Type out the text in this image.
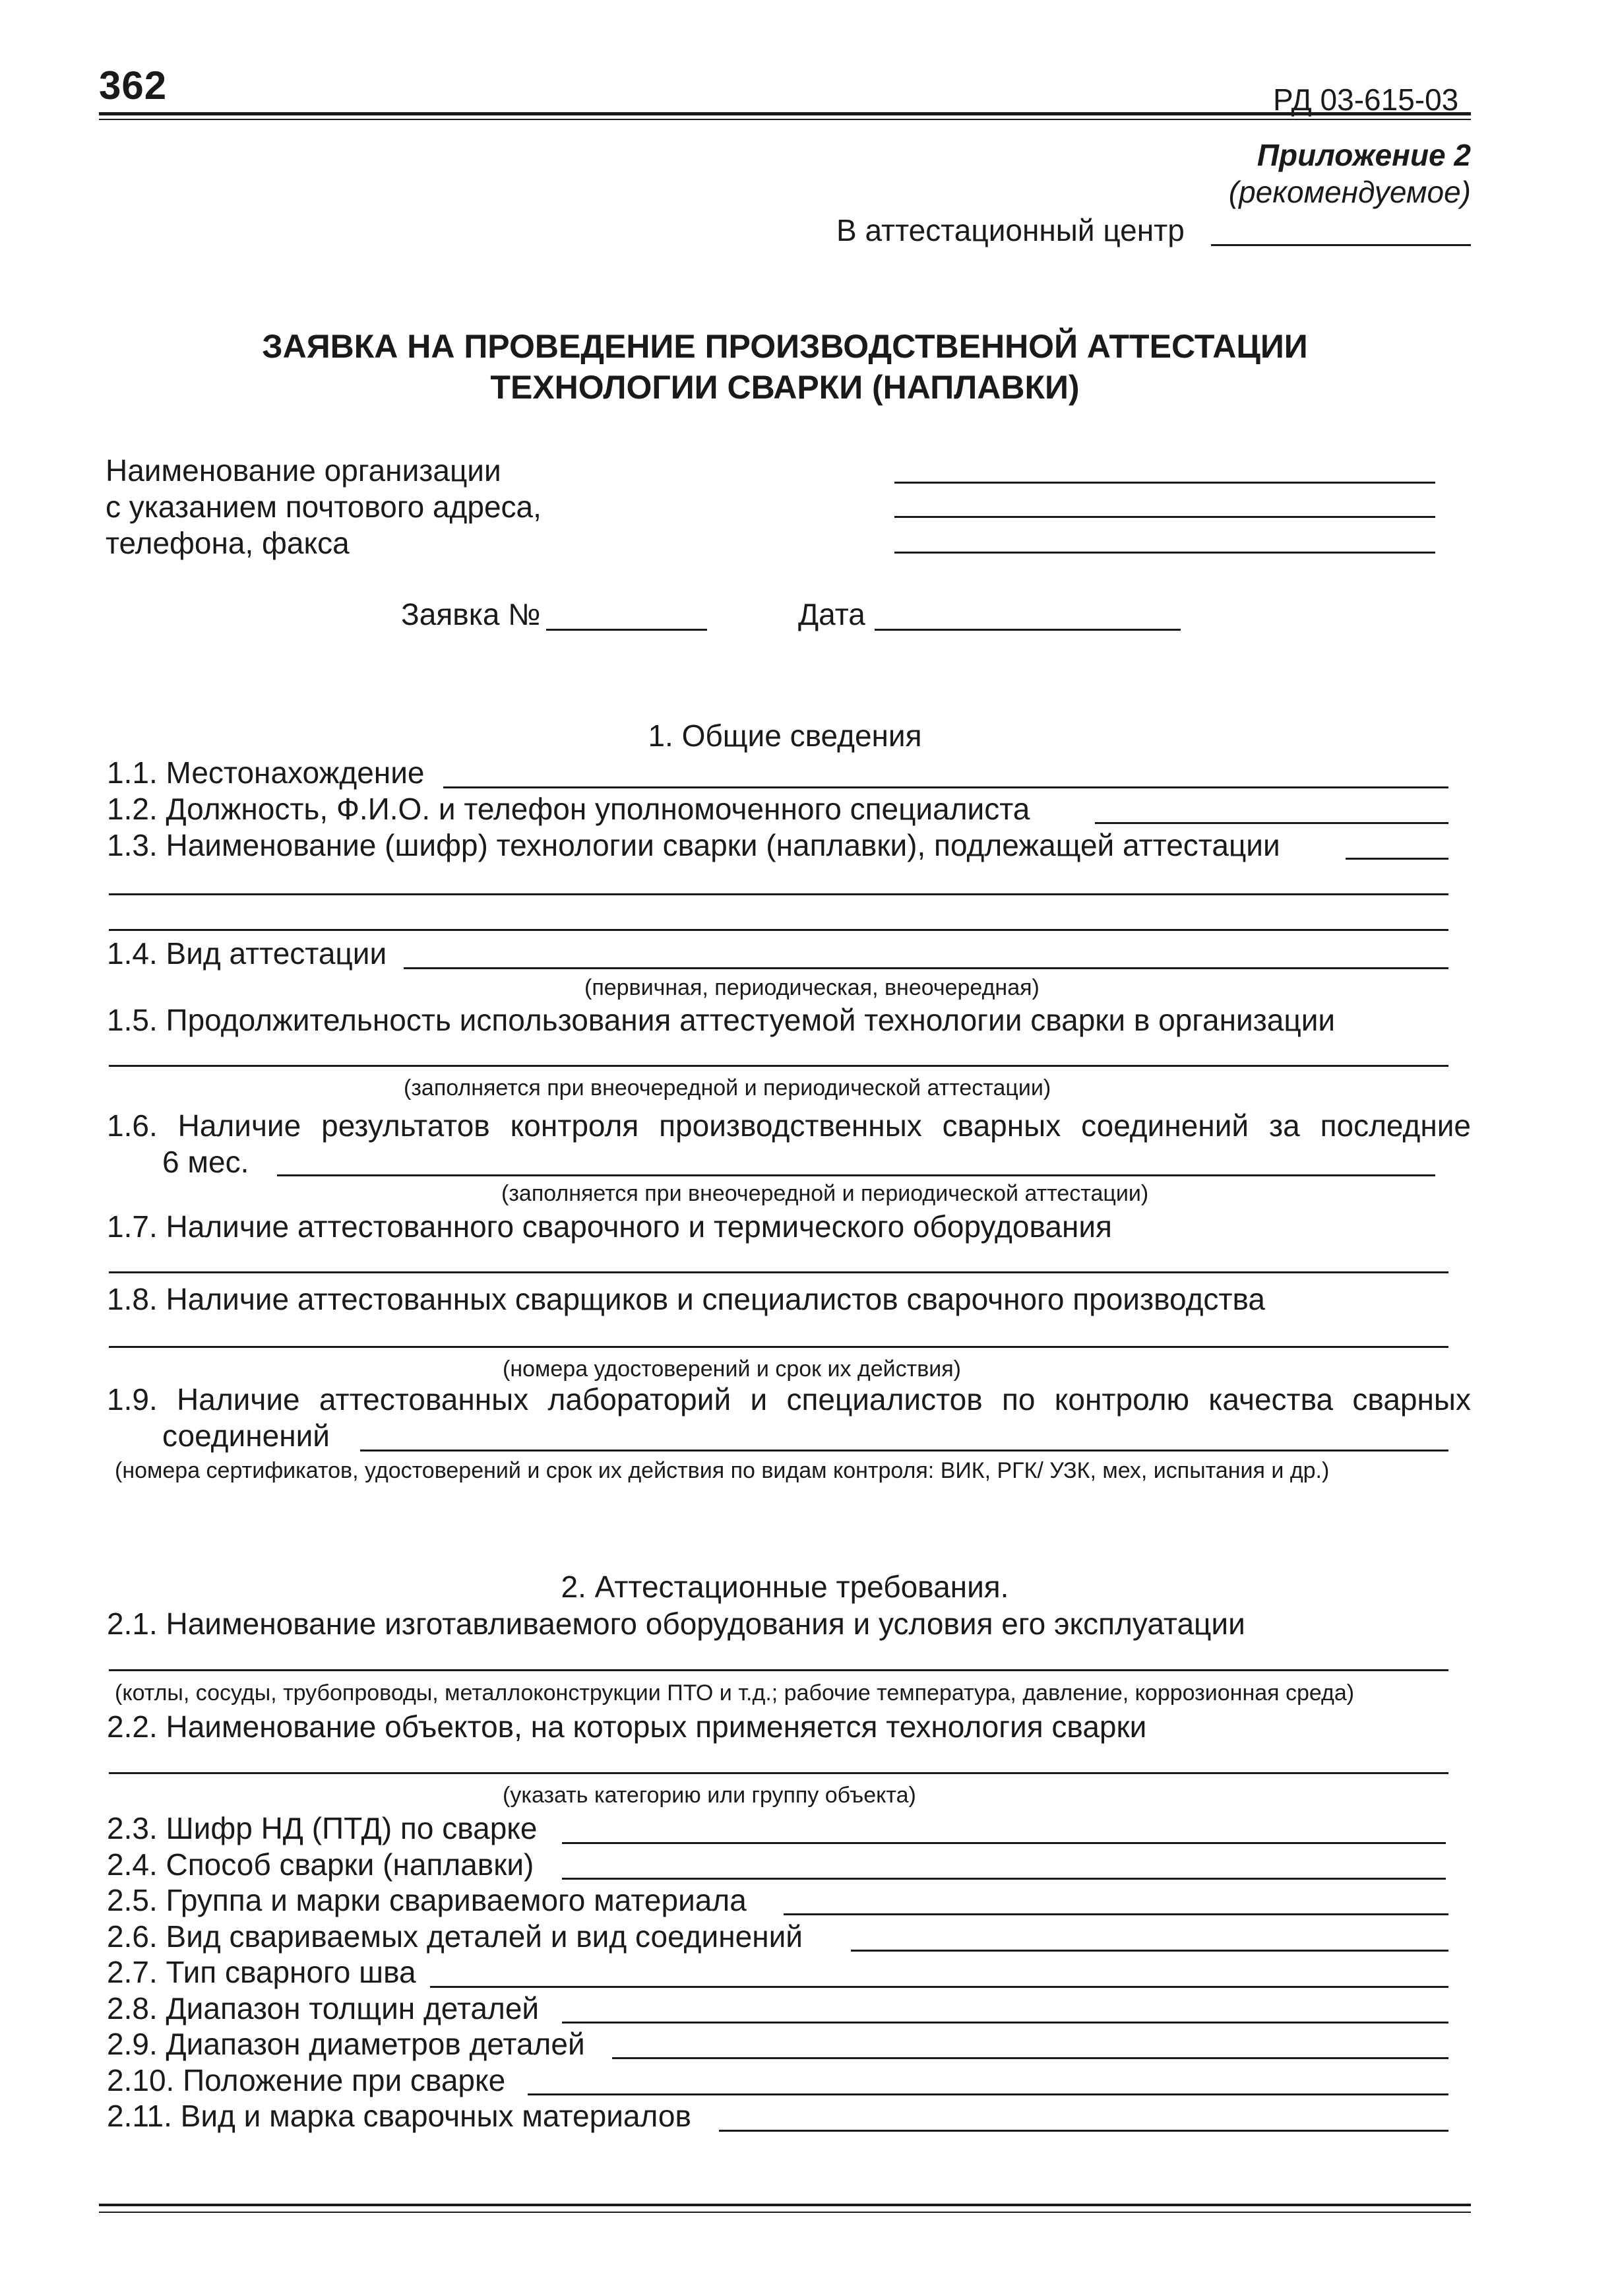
362	РД 03-615-03
Приложение 2
(рекомендуемое)
В аттестационный центр
ЗАЯВКА НА ПРОВЕДЕНИЕ ПРОИЗВОДСТВЕННОЙ АТТЕСТАЦИИ
ТЕХНОЛОГИИ СВАРКИ (НАПЛАВКИ)
Наименование организации
с указанием почтового адреса,
телефона, факса
Заявка №	Дата
1. Общие сведения
1.1. Местонахождение
1.2. Должность, Ф.И.О. и телефон уполномоченного специалиста
1.3. Наименование (шифр) технологии сварки (наплавки), подлежащей аттестации
1.4. Вид аттестации
(первичная, периодическая, внеочередная)
1.5. Продолжительность использования аттестуемой технологии сварки в организации
(заполняется при внеочередной и периодической аттестации)
1.6. Наличие результатов контроля производственных сварных соединений за последние
6 мес.
(заполняется при внеочередной и периодической аттестации)
1.7. Наличие аттестованного сварочного и термического оборудования
1.8. Наличие аттестованных сварщиков и специалистов сварочного производства
(номера удостоверений и срок их действия)
1.9. Наличие аттестованных лабораторий и специалистов по контролю качества сварных
соединений
(номера сертификатов, удостоверений и срок их действия по видам контроля: ВИК, РГК/ УЗК, мех, испытания и др.)
2. Аттестационные требования.
2.1. Наименование изготавливаемого оборудования и условия его эксплуатации
(котлы, сосуды, трубопроводы, металлоконструкции ПТО и т.д.; рабочие температура, давление, коррозионная среда)
2.2. Наименование объектов, на которых применяется технология сварки
(указать категорию или группу объекта)
2.3. Шифр НД (ПТД) по сварке
2.4. Способ сварки (наплавки)
2.5. Группа и марки свариваемого материала
2.6. Вид свариваемых деталей и вид соединений
2.7. Тип сварного шва
2.8. Диапазон толщин деталей
2.9. Диапазон диаметров деталей
2.10. Положение при сварке
2.11. Вид и марка сварочных материалов
